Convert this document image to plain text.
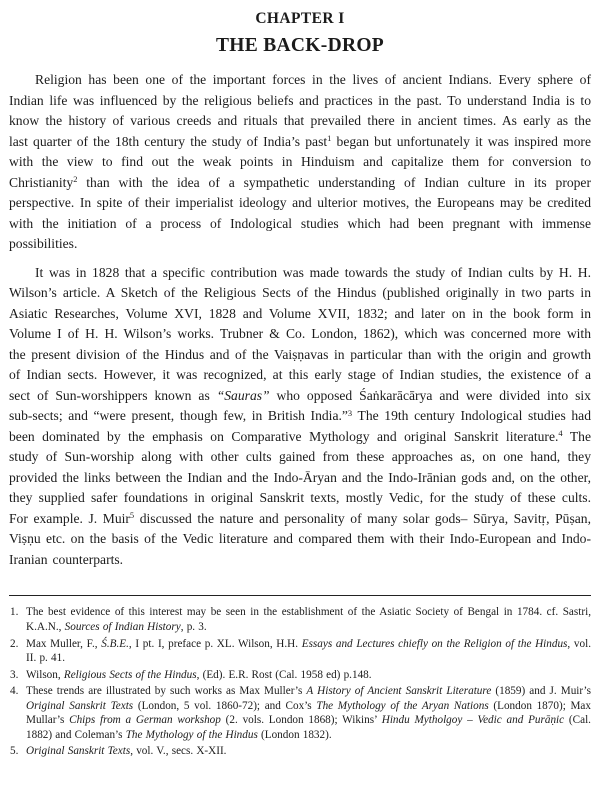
CHAPTER I
THE BACK-DROP

Religion has been one of the important forces in the lives of ancient Indians. Every sphere of Indian life was influenced by the religious beliefs and practices in the past. To understand India is to know the history of various creeds and rituals that prevailed there in ancient times. As early as the last quarter of the 18th century the study of India’s past$^1$ began but unfortunately it was inspired more with the view to find out the weak points in Hinduism and capitalize them for conversion to Christianity$^2$ than with the idea of a sympathetic understanding of Indian culture in its proper perspective. In spite of their imperialist ideology and ulterior motives, the Europeans may be credited with the initiation of a process of Indological studies which had been pregnant with immense possibilities.

It was in 1828 that a specific contribution was made towards the study of Indian cults by H. H. Wilson’s article. A Sketch of the Religious Sects of the Hindus (published originally in two parts in Asiatic Researches, Volume XVI, 1828 and Volume XVII, 1832; and later on in the book form in Volume I of H. H. Wilson’s works. Trubner & Co. London, 1862), which was concerned more with the present division of the Hindus and of the Vaiṣṇavas in particular than with the origin and growth of Indian sects. However, it was recognized, at this early stage of Indian studies, the existence of a sect of Sun-worshippers known as “Sauras” who opposed Śaṅkarācārya and were divided into six sub-sects; and “were present, though few, in British India.”$^3$ The 19th century Indological studies had been dominated by the emphasis on Comparative Mythology and original Sanskrit literature.$^4$ The study of Sun-worship along with other cults gained from these approaches as, on one hand, they provided the links between the Indian and the Indo-Āryan and the Indo-Irānian gods and, on the other, they supplied safer foundations in original Sanskrit texts, mostly Vedic, for the study of these cults. For example. J. Muir$^5$ discussed the nature and personality of many solar gods– Sūrya, Savitṛ, Pūṣan, Viṣṇu etc. on the basis of the Vedic literature and compared them with their Indo-European and Indo-Iranian counterparts.

1. The best evidence of this interest may be seen in the establishment of the Asiatic Society of Bengal in 1784. cf. Sastri, K.A.N., Sources of Indian History, p. 3.
2. Max Muller, F., Ś.B.E., I pt. I, preface p. XL. Wilson, H.H. Essays and Lectures chiefly on the Religion of the Hindus, vol. II. p. 41.
3. Wilson, Religious Sects of the Hindus, (Ed). E.R. Rost (Cal. 1958 ed) p.148.
4. These trends are illustrated by such works as Max Muller’s A History of Ancient Sanskrit Literature (1859) and J. Muir’s Original Sanskrit Texts (London, 5 vol. 1860-72); and Cox’s The Mythology of the Aryan Nations (London 1870); Max Mullar’s Chips from a German workshop (2. vols. London 1868); Wikins’ Hindu Mytholgoy – Vedic and Purāṇic (Cal. 1882) and Coleman’s The Mythology of the Hindus (London 1832).
5. Original Sanskrit Texts, vol. V., secs. X-XII.
